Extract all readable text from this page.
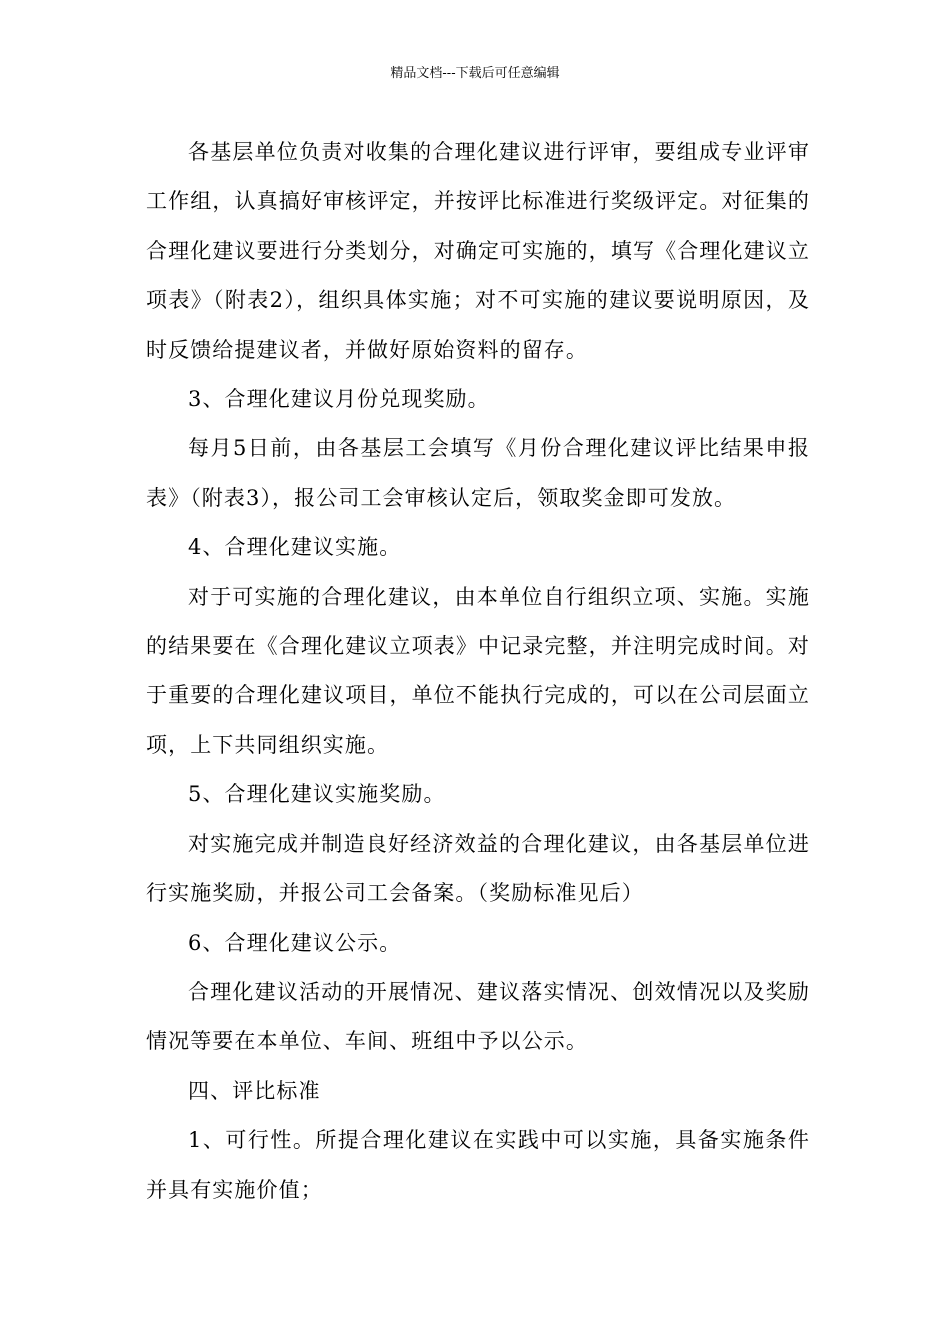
精品文档---下载后可任意编辑

各基层单位负责对收集的合理化建议进行评审，要组成专业评审工作组，认真搞好审核评定，并按评比标准进行奖级评定。对征集的合理化建议要进行分类划分，对确定可实施的，填写《合理化建议立项表》（附表2），组织具体实施；对不可实施的建议要说明原因，及时反馈给提建议者，并做好原始资料的留存。

3、合理化建议月份兑现奖励。

每月5日前，由各基层工会填写《月份合理化建议评比结果申报表》（附表3），报公司工会审核认定后，领取奖金即可发放。

4、合理化建议实施。

对于可实施的合理化建议，由本单位自行组织立项、实施。实施的结果要在《合理化建议立项表》中记录完整，并注明完成时间。对于重要的合理化建议项目，单位不能执行完成的，可以在公司层面立项，上下共同组织实施。

5、合理化建议实施奖励。

对实施完成并制造良好经济效益的合理化建议，由各基层单位进行实施奖励，并报公司工会备案。（奖励标准见后）

6、合理化建议公示。

合理化建议活动的开展情况、建议落实情况、创效情况以及奖励情况等要在本单位、车间、班组中予以公示。

四、评比标准

1、可行性。所提合理化建议在实践中可以实施，具备实施条件并具有实施价值；
